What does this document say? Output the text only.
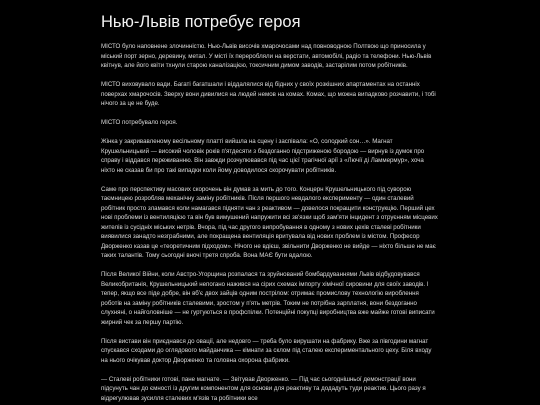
Нью-Львів потребує героя

МІСТО було наповнене злочинністю. Нью-Львів височів хмарочосами над повноводною Полтвою що приносила у міський порт зерно, деревину, метал. У місті їх переробляли на верстати, автомобілі, радіо та телефони. Нью-Львів квітнув, але його квіти тхнули старою каналізацією, токсичним димом заводів, застарілим потом робітників.

МІСТО виховувало вади. Багаті багатшали і віддалялися від бідних у своїх розкішних апартаментах на останніх поверхах хмарочосів. Зверху вони дивилися на людей немов на комах. Комах, що можна випадково розчавити, і тобі нічого за це не буде.

МІСТО потребувало героя.

Жінка у закривавленому весільному платті вийшла на сцену і заспівала: «О, солодкий сон…». Магнат Крушельницький — високий чоловік років п'ятдесяти з бездоганно підстриженою бородою — вирнув із думок про справу і віддався переживанню. Він завжди розчулювався під час цієї трагічної арії з «Лючії ді Ламмермур», хоча ніхто не сказав би про такі випадки коли йому доводилося скорочувати робітників.

Саме про перспективу масових скорочень він думав за мить до того. Концерн Крушельницького під суворою таємницею розробляв механічну заміну робітників. Після першого невдалого експерименту — один сталевий робітник просто зламався коли намагався підняти чан з реактивом — довелося покращити конструкцію. Перший цех нові проблеми із вентиляцією та він був вимушений напружити всі зв'язки щоб зам'яти інцидент з отруєнням місцевих жителів із сусідніх міських нетрів. Вчора, під час другого випробування в одному з нових цехів сталеві робітники виявилися занадто незграбними, але покращена вентиляція вритувала від нових проблем із містом. Професор Дворженко казав це «теоретичним підходом». Нічого не вдієш, звільнити Дворженко не вийде — ніхто більше не має таких талантів. Тому сьогодні вночі третя спроба. Вона МАЄ бути вдалою.

Після Великої Війни, коли Австро-Угорщина розпалася та зруйнований бомбардуваннями Львів відбудовувався Великобританія, Крушельницький непогано нажився на сірих схемах імпорту хімічної сировини для своїх заводів. І тепер, якщо все піде добре, він вб'є двох зайців одним пострілом: отримає промислову технологію вироблення роботів на заміну робітників сталевими, зростом у п'ять метрів. Токим не потрібна зарплатня, вони бездоганно слухняні, о найголовніше — не гуртуються в профспілки. Потенційні покупці виробництва вже майже готові виписати жирний чек за першу партію.

Після вистави він приєднався до овації, але недовго — треба було вирушати на фабрику. Вже за півгодини магнат спускався сходами до оглядового майданчика — кімнати за склом під сталею експериментального цеху. Біля входу на нього очікував доктор Дворженко та головна охорона фабрики.

— Сталеві робітники готові, пане магнате. — Звітував Дворженко. — Під час сьогоднішньої демонстрації вони підсунуть чан до ємності із другим компонентом для основи для реактиву та додадуть туди реактив. Цього разу я відрегулював зусилля сталевих м'язів та робітники все
